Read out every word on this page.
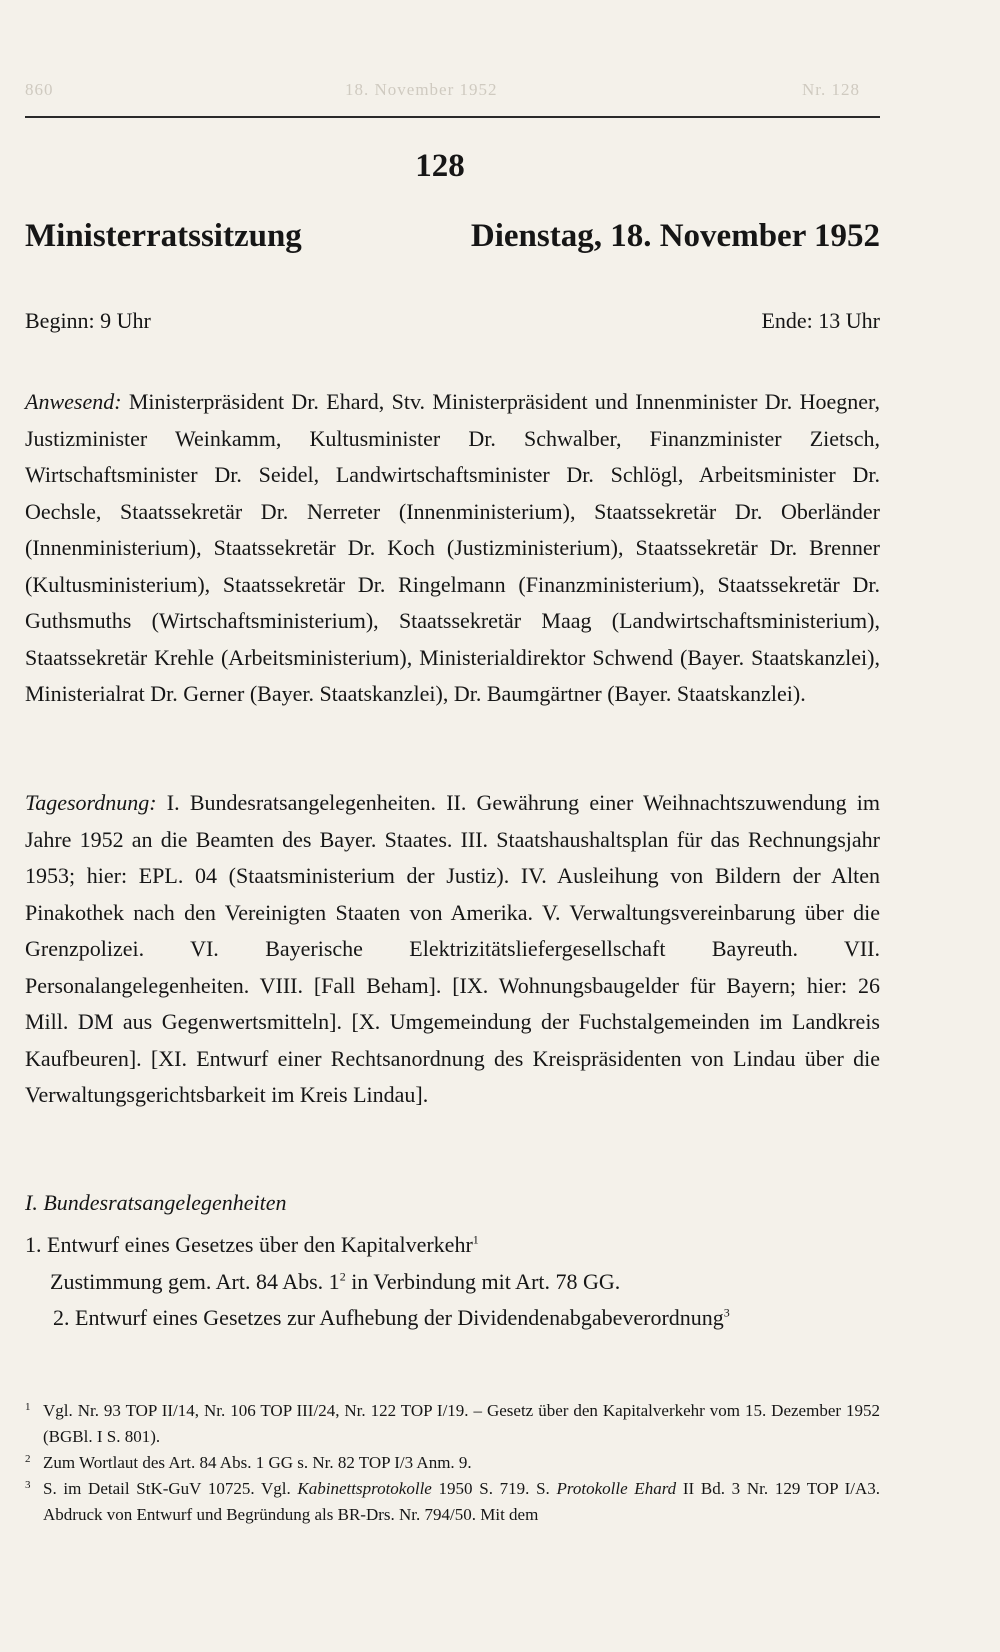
860	18. November 1952	Nr. 128
128
Ministerratssitzung	Dienstag, 18. November 1952
Beginn: 9 Uhr	Ende: 13 Uhr
Anwesend: Ministerpräsident Dr. Ehard, Stv. Ministerpräsident und Innenminister Dr. Hoegner, Justizminister Weinkamm, Kultusminister Dr. Schwalber, Finanzminister Zietsch, Wirtschaftsminister Dr. Seidel, Landwirtschaftsminister Dr. Schlögl, Arbeitsminister Dr. Oechsle, Staatssekretär Dr. Nerreter (Innenministerium), Staatssekretär Dr. Oberländer (Innenministerium), Staatssekretär Dr. Koch (Justizministerium), Staatssekretär Dr. Brenner (Kultusministerium), Staatssekretär Dr. Ringelmann (Finanzministerium), Staatssekretär Dr. Guthsmuths (Wirtschaftsministerium), Staatssekretär Maag (Landwirtschaftsministerium), Staatssekretär Krehle (Arbeitsministerium), Ministerialdirektor Schwend (Bayer. Staatskanzlei), Ministerialrat Dr. Gerner (Bayer. Staatskanzlei), Dr. Baumgärtner (Bayer. Staatskanzlei).
Tagesordnung: I. Bundesratsangelegenheiten. II. Gewährung einer Weihnachtszuwendung im Jahre 1952 an die Beamten des Bayer. Staates. III. Staatshaushaltsplan für das Rechnungsjahr 1953; hier: EPL. 04 (Staatsministerium der Justiz). IV. Ausleihung von Bildern der Alten Pinakothek nach den Vereinigten Staaten von Amerika. V. Verwaltungsvereinbarung über die Grenzpolizei. VI. Bayerische Elektrizitätsliefergesellschaft Bayreuth. VII. Personalangelegenheiten. VIII. [Fall Beham]. [IX. Wohnungsbaugelder für Bayern; hier: 26 Mill. DM aus Gegenwertsmitteln]. [X. Umgemeindung der Fuchstalgemeinden im Landkreis Kaufbeuren]. [XI. Entwurf einer Rechtsanordnung des Kreispräsidenten von Lindau über die Verwaltungsgerichtsbarkeit im Kreis Lindau].
I. Bundesratsangelegenheiten
1. Entwurf eines Gesetzes über den Kapitalverkehr$^1$
Zustimmung gem. Art. 84 Abs. $1^2$ in Verbindung mit Art. 78 GG.
2. Entwurf eines Gesetzes zur Aufhebung der Dividendenabgabeverordnung$^3$
1 Vgl. Nr. 93 TOP II/14, Nr. 106 TOP III/24, Nr. 122 TOP I/19. – Gesetz über den Kapitalverkehr vom 15. Dezember 1952 (BGBl. I S. 801).
2 Zum Wortlaut des Art. 84 Abs. 1 GG s. Nr. 82 TOP I/3 Anm. 9.
3 S. im Detail StK-GuV 10725. Vgl. Kabinettsprotokolle 1950 S. 719. S. Protokolle Ehard II Bd. 3 Nr. 129 TOP I/A3. Abdruck von Entwurf und Begründung als BR-Drs. Nr. 794/50. Mit dem
